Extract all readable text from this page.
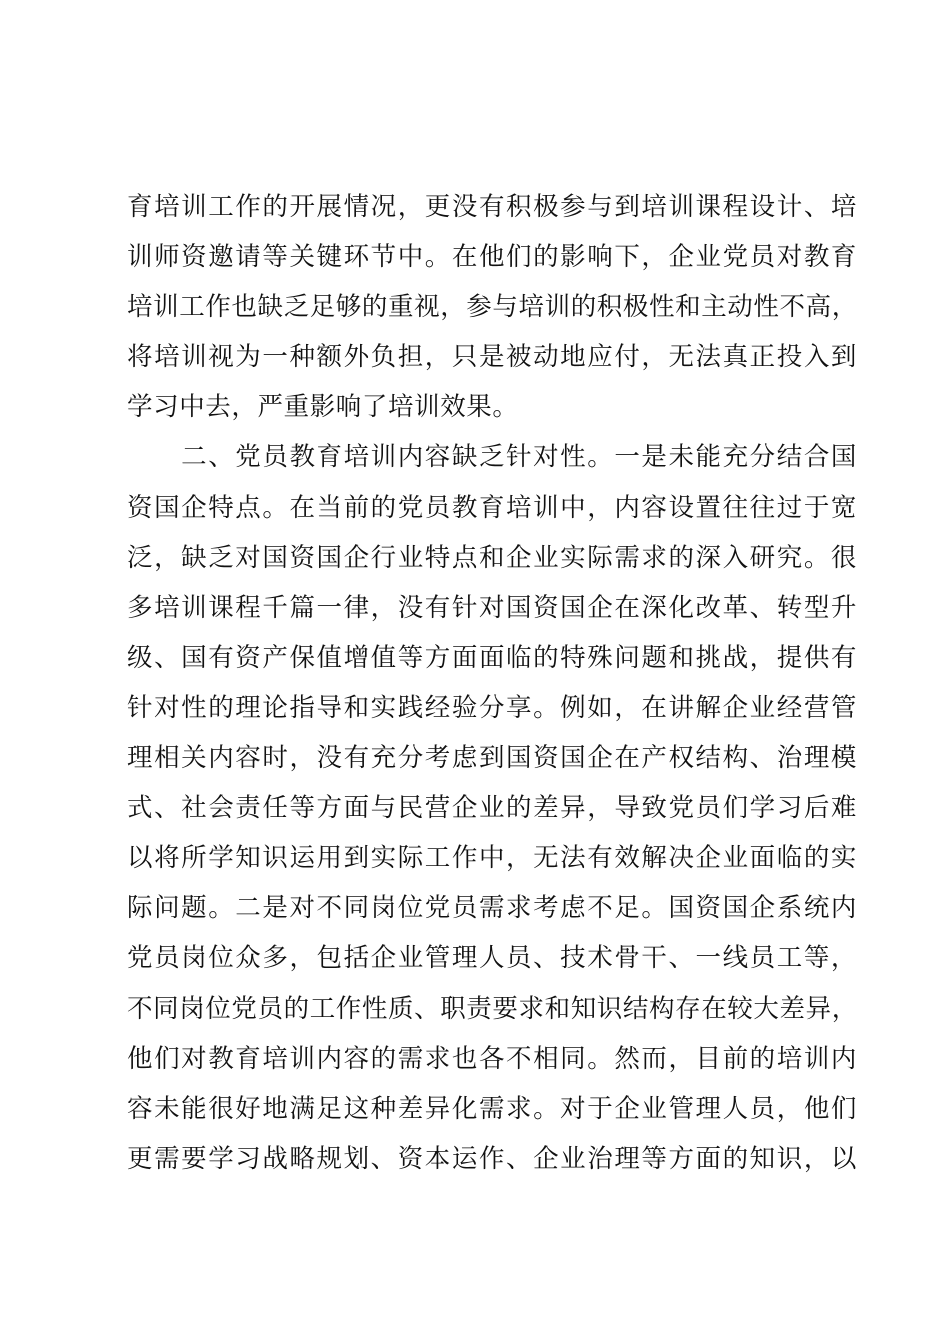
育培训工作的开展情况，更没有积极参与到培训课程设计、培
训师资邀请等关键环节中。在他们的影响下，企业党员对教育
培训工作也缺乏足够的重视，参与培训的积极性和主动性不高，
将培训视为一种额外负担，只是被动地应付，无法真正投入到
学习中去，严重影响了培训效果。
　　二、党员教育培训内容缺乏针对性。一是未能充分结合国
资国企特点。在当前的党员教育培训中，内容设置往往过于宽
泛，缺乏对国资国企行业特点和企业实际需求的深入研究。很
多培训课程千篇一律，没有针对国资国企在深化改革、转型升
级、国有资产保值增值等方面面临的特殊问题和挑战，提供有
针对性的理论指导和实践经验分享。例如，在讲解企业经营管
理相关内容时，没有充分考虑到国资国企在产权结构、治理模
式、社会责任等方面与民营企业的差异，导致党员们学习后难
以将所学知识运用到实际工作中，无法有效解决企业面临的实
际问题。二是对不同岗位党员需求考虑不足。国资国企系统内
党员岗位众多，包括企业管理人员、技术骨干、一线员工等，
不同岗位党员的工作性质、职责要求和知识结构存在较大差异，
他们对教育培训内容的需求也各不相同。然而，目前的培训内
容未能很好地满足这种差异化需求。对于企业管理人员，他们
更需要学习战略规划、资本运作、企业治理等方面的知识，以
